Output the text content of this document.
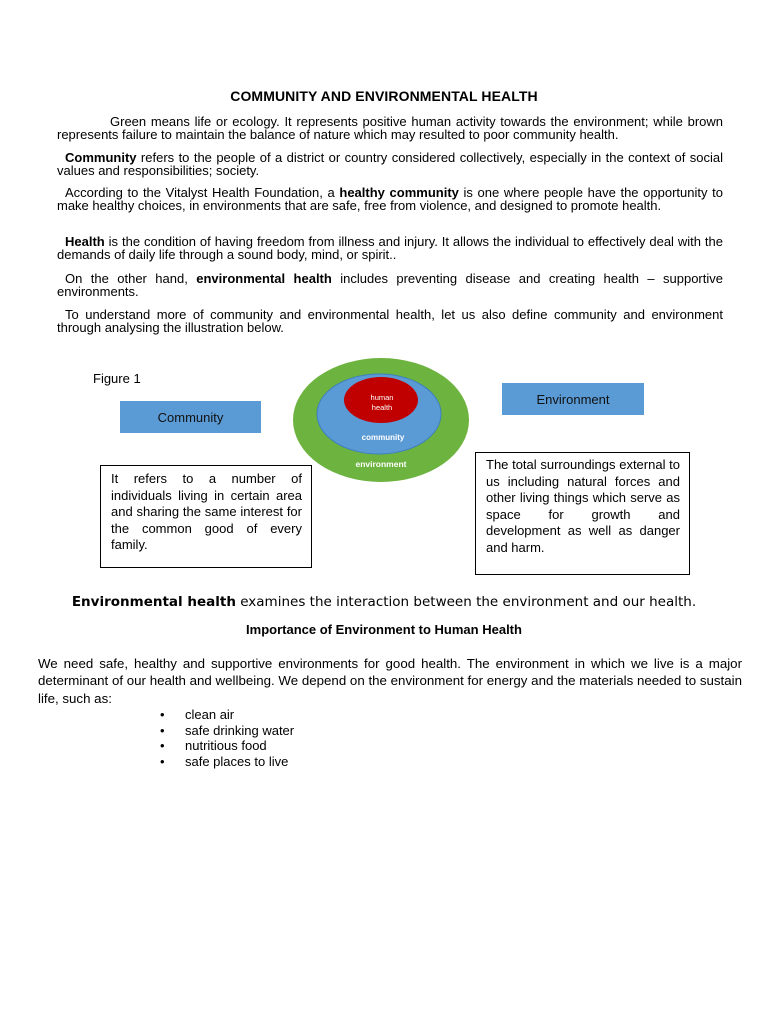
COMMUNITY AND ENVIRONMENTAL HEALTH

Green means life or ecology. It represents positive human activity towards the environment; while brown represents failure to maintain the balance of nature which may resulted to poor community health.

Community refers to the people of a district or country considered collectively, especially in the context of social values and responsibilities; society.

According to the Vitalyst Health Foundation, a healthy community is one where people have the opportunity to make healthy choices, in environments that are safe, free from violence, and designed to promote health.

Health is the condition of having freedom from illness and injury. It allows the individual to effectively deal with the demands of daily life through a sound body, mind, or spirit..

On the other hand, environmental health includes preventing disease and creating health – supportive environments.

To understand more of community and environmental health, let us also define community and environment through analysing the illustration below.

Figure 1
Community
Environment
human
health
community
environment
It refers to a number of individuals living in certain area and sharing the same interest for the common good of every family.
The total surroundings external to us including natural forces and other living things which serve as space for growth and development as well as danger and harm.
Environmental health examines the interaction between the environment and our health.
Importance of Environment to Human Health

We need safe, healthy and supportive environments for good health. The environment in which we live is a major determinant of our health and wellbeing. We depend on the environment for energy and the materials needed to sustain life, such as:

• clean air
• safe drinking water
• nutritious food
• safe places to live
